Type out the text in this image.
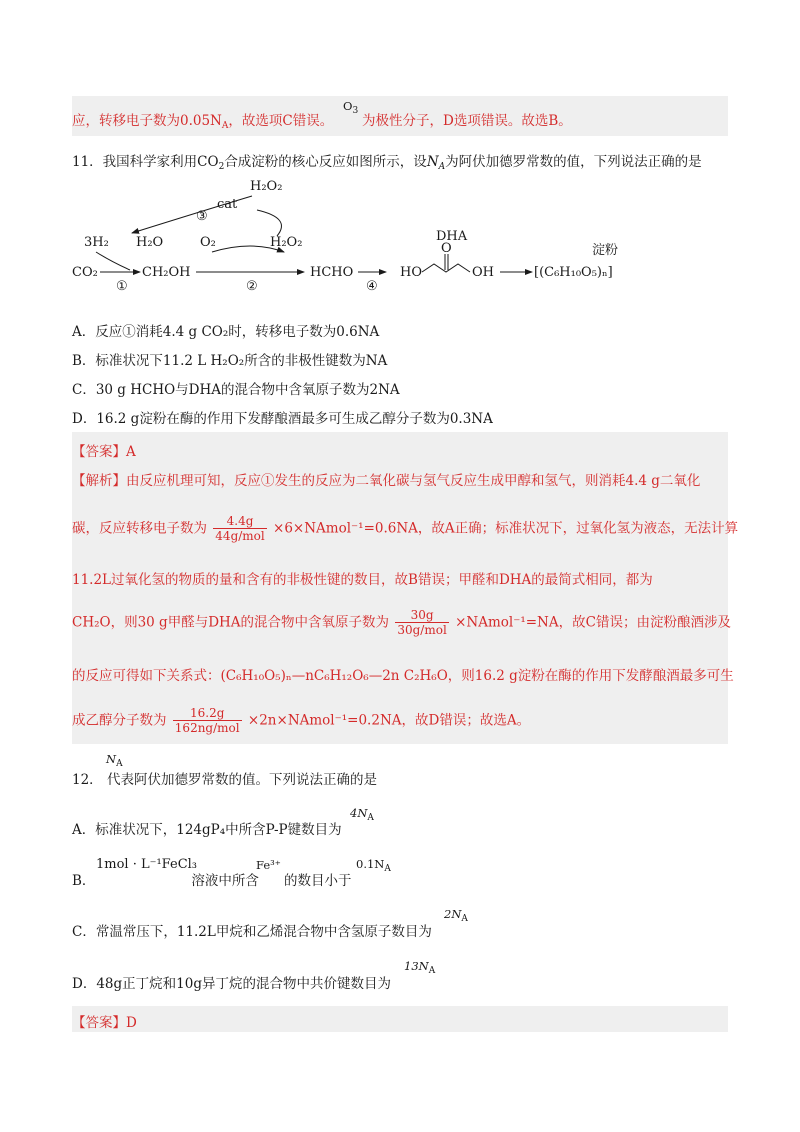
应，转移电子数为$0.05N_A$，故选项C错误。
$O_3$
为极性分子，D选项错误。故选B。
11．我国科学家利用$CO_2$合成淀粉的核心反应如图所示，设$N_A$为阿伏加德罗常数的值，下列说法正确的是
H₂O₂
cat
③
3H₂ H₂O	O₂	H₂O₂	DHA
淀粉
CO₂
①
CH₂OH
②
HCHO
④
HO
O
OH	[(C₆H₁₀O₅)ₙ]
A．反应①消耗4.4 g CO₂时，转移电子数为0.6NA
B．标准状况下11.2 L H₂O₂所含的非极性键数为NA
C．30 g HCHO与DHA的混合物中含氧原子数为2NA
D．16.2 g淀粉在酶的作用下发酵酿酒最多可生成乙醇分子数为0.3NA
【答案】A
【解析】由反应机理可知，反应①发生的反应为二氧化碳与氢气反应生成甲醇和氢气，则消耗4.4 g二氧化
碳，反应转移电子数为 $\frac{4.4g}{\text{44g/mol}}$ ×6×NAmol⁻¹=0.6NA，故A正确；标准状况下，过氧化氢为液态，无法计算
11.2L过氧化氢的物质的量和含有的非极性键的数目，故B错误；甲醛和DHA的最简式相同，都为
CH₂O，则30 g甲醛与DHA的混合物中含氧原子数为 $\frac{30g}{\text{30g/mol}}$ ×NAmol⁻¹=NA，故C错误；由淀粉酿酒涉及
的反应可得如下关系式：(C₆H₁₀O₅)ₙ—nC₆H₁₂O₆—2n C₂H₆O，则16.2 g淀粉在酶的作用下发酵酿酒最多可生
成乙醇分子数为 $\frac{16.2g}{\text{162ng/mol}}$ ×2n×NAmol⁻¹=0.2NA，故D错误；故选A。
$N_A$
12． 代表阿伏加德罗常数的值。下列说法正确的是
A．标准状况下，124gP₄中所含P-P键数目为
$4N_A$
1mol · L⁻¹FeCl₃
B．	溶液中所含
Fe³⁺
的数目小于
$0.1N_A$
C．常温常压下，11.2L甲烷和乙烯混合物中含氢原子数目为
$2N_A$
D．48g正丁烷和10g异丁烷的混合物中共价键数目为
$13N_A$
【答案】D
